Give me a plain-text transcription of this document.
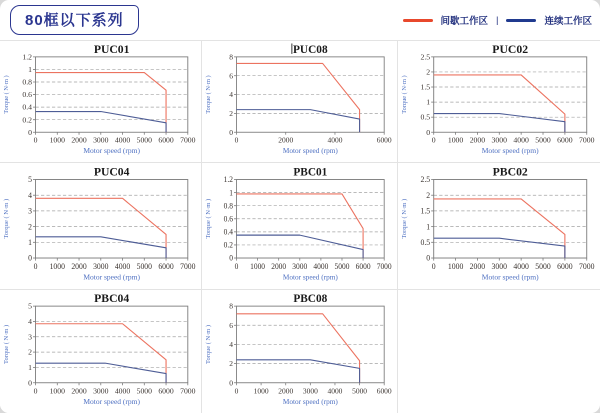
80框以下系列	间歇工作区 |	连续工作区
0 1000 2000 3000 4000 5000 6000 7000
0
0.2
0.4
0.6
0.8
1
1.2
Motor speed (rpm)
Torque ( N·m )
PUC01
0	2000	4000	6000
0
2
4
6
8
Motor speed (rpm)
Torque ( N·m )
PUC08
0 1000 2000 3000 4000 5000 6000 7000
0
0.5
1
1.5
2
2.5
Motor speed (rpm)
Torque ( N·m )
PUC02
0 1000 2000 3000 4000 5000 6000 7000
0
1
2
3
4
5
Motor speed (rpm)
Torque ( N·m )
PUC04
0 1000 2000 3000 4000 5000 6000 7000
0
0.2
0.4
0.6
0.8
1
1.2
Motor speed (rpm)
Torque ( N·m )
PBC01
0 1000 2000 3000 4000 5000 6000 7000
0
0.5
1
1.5
2
2.5
Motor speed (rpm)
Torque ( N·m )
PBC02
0 1000 2000 3000 4000 5000 6000 7000
0
1
2
3
4
5
Motor speed (rpm)
Torque ( N·m )
PBC04
0 1000 2000 3000 4000 5000 6000
0
2
4
6
8
Motor speed (rpm)
Torque ( N·m )
PBC08
